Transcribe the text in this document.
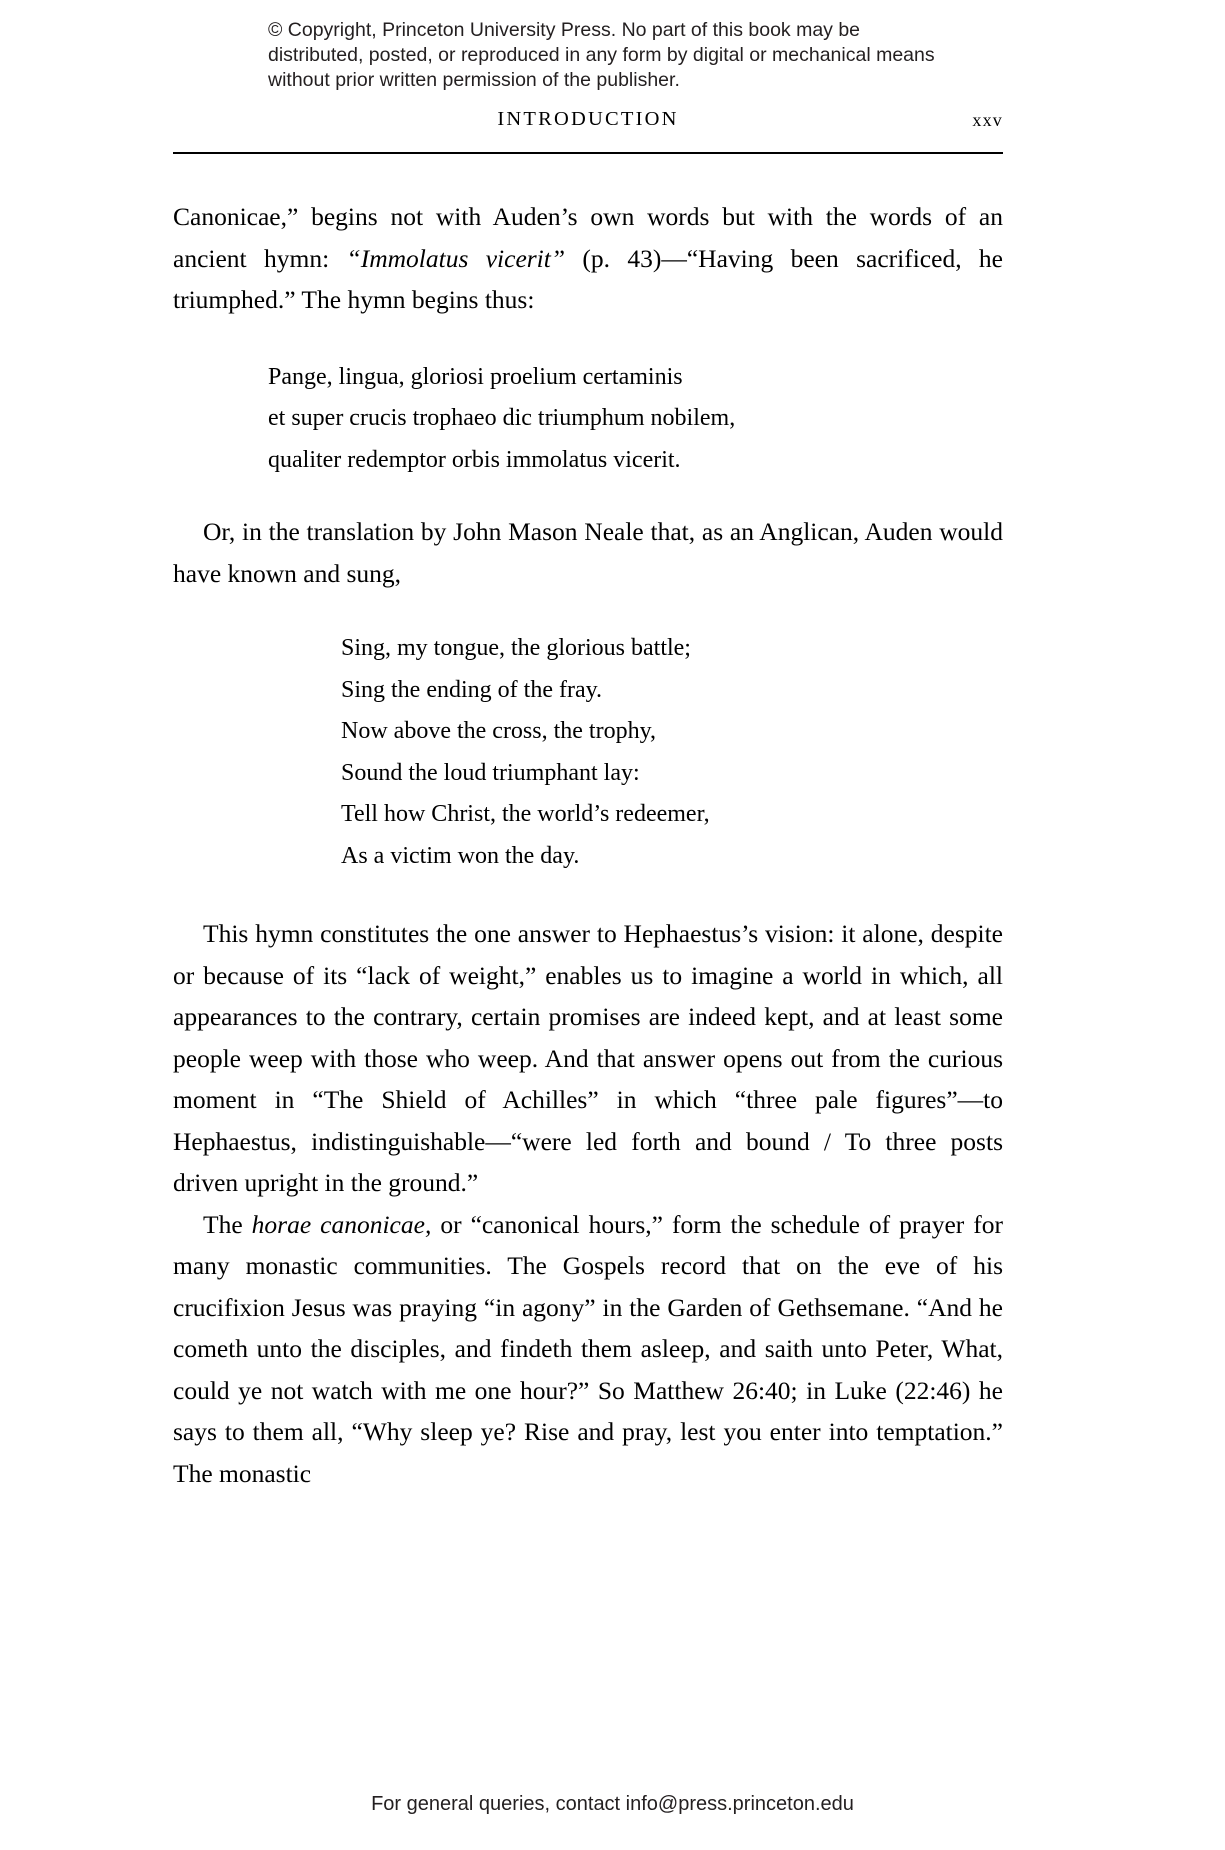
© Copyright, Princeton University Press. No part of this book may be distributed, posted, or reproduced in any form by digital or mechanical means without prior written permission of the publisher.
INTRODUCTION	xxv

Canonicae,” begins not with Auden’s own words but with the words of an ancient hymn: “Immolatus vicerit” (p. 43)—“Having been sacrificed, he triumphed.” The hymn begins thus:

Pange, lingua, gloriosi proelium certaminis
et super crucis trophaeo dic triumphum nobilem,
qualiter redemptor orbis immolatus vicerit.

Or, in the translation by John Mason Neale that, as an Anglican, Auden would have known and sung,

Sing, my tongue, the glorious battle;
Sing the ending of the fray.
Now above the cross, the trophy,
Sound the loud triumphant lay:
Tell how Christ, the world’s redeemer,
As a victim won the day.

This hymn constitutes the one answer to Hephaestus’s vision: it alone, despite or because of its “lack of weight,” enables us to imagine a world in which, all appearances to the contrary, certain promises are indeed kept, and at least some people weep with those who weep. And that answer opens out from the curious moment in “The Shield of Achilles” in which “three pale figures”—to Hephaestus, indistinguishable—“were led forth and bound / To three posts driven upright in the ground.”

The horae canonicae, or “canonical hours,” form the schedule of prayer for many monastic communities. The Gospels record that on the eve of his crucifixion Jesus was praying “in agony” in the Garden of Gethsemane. “And he cometh unto the disciples, and findeth them asleep, and saith unto Peter, What, could ye not watch with me one hour?” So Matthew 26:40; in Luke (22:46) he says to them all, “Why sleep ye? Rise and pray, lest you enter into temptation.” The monastic

For general queries, contact info@press.princeton.edu
